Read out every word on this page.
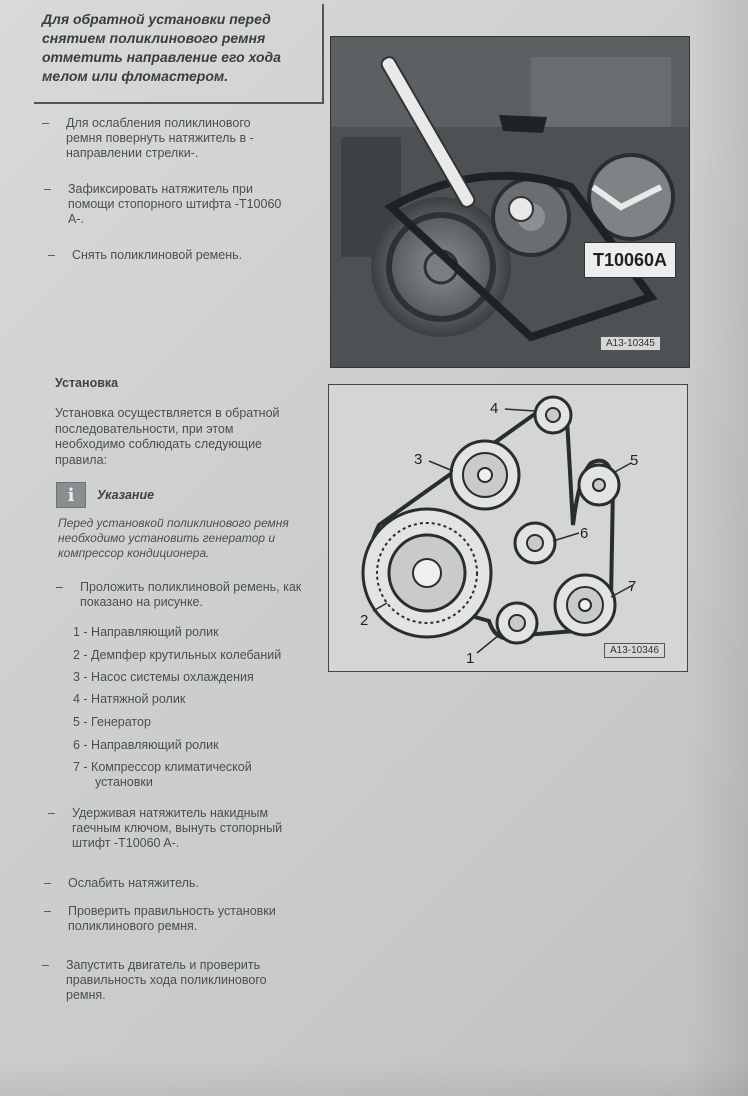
Для обратной установки перед
снятием поликлинового ремня
отметить направление его хода
мелом или фломастером.
– Для ослабления поликлинового
ремня повернуть натяжитель в -
направлении стрелки-.
– Зафиксировать натяжитель при
помощи стопорного штифта -T10060
A-.
– Снять поликлиновой ремень.	T10060A
A13-10345
Установка
Установка осуществляется в обратной
последовательности, при этом
необходимо соблюдать следующие
правила:
i	Указание
Перед установкой поликлинового ремня
необходимо установить генератор и
компрессор кондиционера.
– Проложить поликлиновой ремень, как
показано на рисунке.
1 - Направляющий ролик
2 - Демпфер крутильных колебаний
3 - Насос системы охлаждения
4 - Натяжной ролик
5 - Генератор
6 - Направляющий ролик
7 - Компрессор климатической
установки
4
3	5
6
7
2
1	A13-10346
– Удерживая натяжитель накидным
гаечным ключом, вынуть стопорный
штифт -T10060 A-.
– Ослабить натяжитель.
– Проверить правильность установки
поликлинового ремня.
– Запустить двигатель и проверить
правильность хода поликлинового
ремня.
